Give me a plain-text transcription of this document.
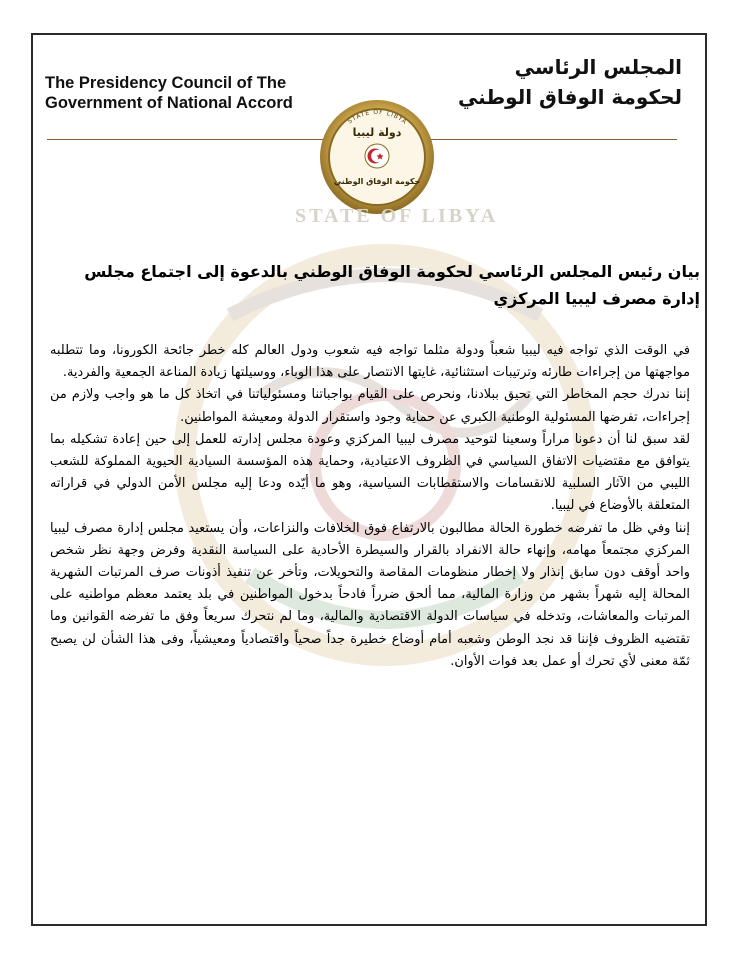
The Presidency Council of The
Government of National Accord
المجلس الرئاسي
لحكومة الوفاق الوطني
STATE OF LIBYA
دولة ليبيا
حكومة الوفاق الوطني
STATE OF LIBYA
بيان رئيس المجلس الرئاسي لحكومة الوفاق الوطني بالدعوة إلى اجتماع مجلس
إدارة مصرف ليبيا المركزي

في الوقت الذي تواجه فيه ليبيا شعباً ودولة مثلما تواجه فيه شعوب ودول العالم كله خطر جائحة الكورونا، وما تتطلبه مواجهتها من إجراءات طارئه وترتيبات استثنائية، غايتها الانتصار على هذا الوباء، ووسيلتها زيادة المناعة الجمعية والفردية.

إننا ندرك حجم المخاطر التي تحيق ببلادنا، ونحرص على القيام بواجباتنا ومسئولياتنا في اتخاذ كل ما هو واجب ولازم من إجراءات، تفرضها المسئولية الوطنية الكبري عن حماية وجود واستقرار الدولة ومعيشة المواطنين.

لقد سبق لنا أن دعونا مراراً وسعينا لتوحيد مصرف ليبيا المركزي وعودة مجلس إدارته للعمل إلى حين إعادة تشكيله بما يتوافق مع مقتضيات الاتفاق السياسي في الظروف الاعتيادية، وحماية هذه المؤسسة السيادية الحيوية المملوكة للشعب الليبي من الآثار السلبية للانقسامات والاستقطابات السياسية، وهو ما أيّده ودعا إليه مجلس الأمن الدولي في قراراته المتعلقة بالأوضاع في ليبيا.

إننا وفي ظل ما تفرضه خطورة الحالة مطالبون بالارتفاع فوق الخلافات والنزاعات، وأن يستعيد مجلس إدارة مصرف ليبيا المركزي مجتمعاً مهامه، وإنهاء حالة الانفراد بالقرار والسيطرة الأحادية على السياسة النقدية وفرض وجهة نظر شخص واحد أوقف دون سابق إنذار ولا إخطار منظومات المقاصة والتحويلات، وتأخر عن تنفيذ أذونات صرف المرتبات الشهرية المحالة إليه شهراً بشهر من وزارة المالية، مما ألحق ضرراً فادحاً بدخول المواطنين في بلد يعتمد معظم مواطنيه على المرتبات والمعاشات، وتدخله في سياسات الدولة الاقتصادية والمالية، وما لم نتحرك سريعاً وفق ما تفرضه القوانين وما تقتضيه الظروف فإننا قد نجد الوطن وشعبه أمام أوضاع خطيرة جداً صحياً واقتصادياً ومعيشياً، وفى هذا الشأن لن يصبح ثمّة معنى لأي تحرك أو عمل بعد فوات الأوان.
